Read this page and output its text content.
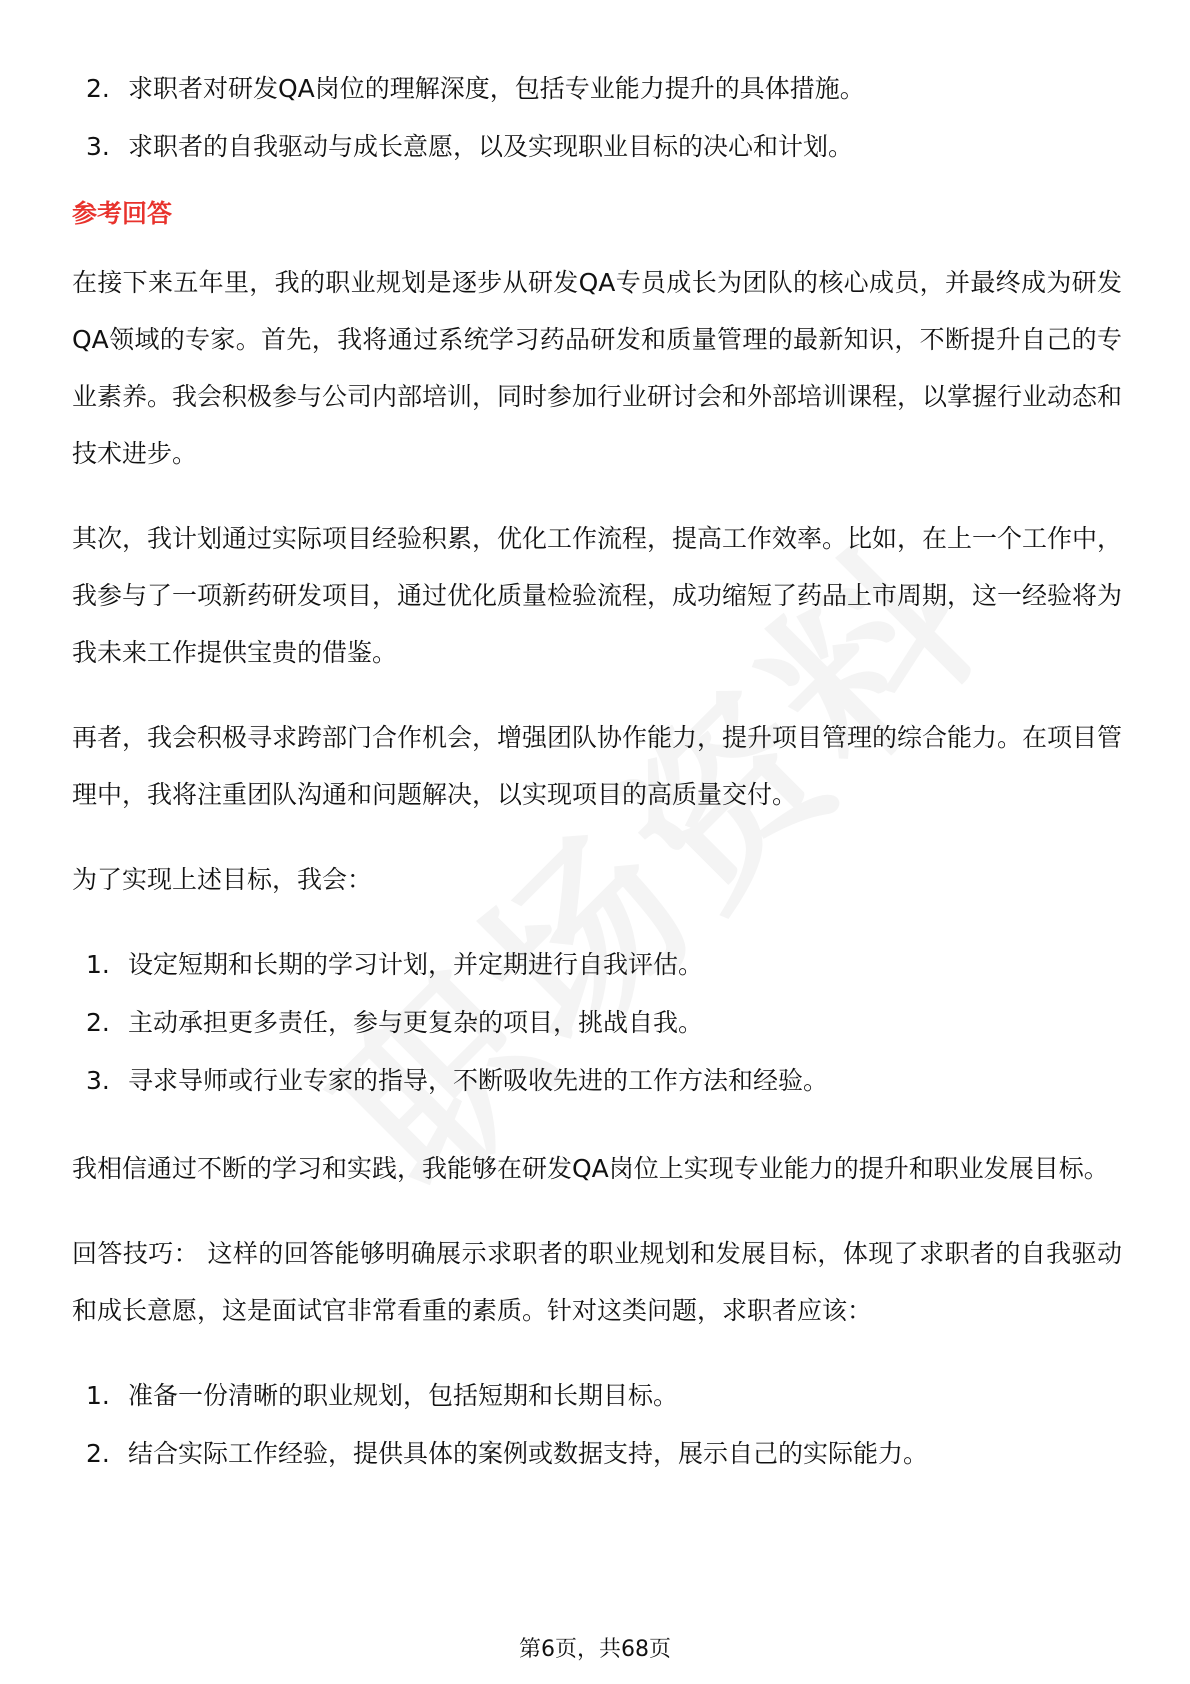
2. 求职者对研发QA岗位的理解深度，包括专业能力提升的具体措施。
3. 求职者的自我驱动与成长意愿，以及实现职业目标的决心和计划。
参考回答

在接下来五年里，我的职业规划是逐步从研发QA专员成长为团队的核心成员，并最终成为研发QA领域的专家。首先，我将通过系统学习药品研发和质量管理的最新知识，不断提升自己的专业素养。我会积极参与公司内部培训，同时参加行业研讨会和外部培训课程，以掌握行业动态和技术进步。

其次，我计划通过实际项目经验积累，优化工作流程，提高工作效率。比如，在上一个工作中，我参与了一项新药研发项目，通过优化质量检验流程，成功缩短了药品上市周期，这一经验将为我未来工作提供宝贵的借鉴。

再者，我会积极寻求跨部门合作机会，增强团队协作能力，提升项目管理的综合能力。在项目管理中，我将注重团队沟通和问题解决，以实现项目的高质量交付。

为了实现上述目标，我会：

1. 设定短期和长期的学习计划，并定期进行自我评估。
2. 主动承担更多责任，参与更复杂的项目，挑战自我。
3. 寻求导师或行业专家的指导，不断吸收先进的工作方法和经验。

我相信通过不断的学习和实践，我能够在研发QA岗位上实现专业能力的提升和职业发展目标。

回答技巧： 这样的回答能够明确展示求职者的职业规划和发展目标，体现了求职者的自我驱动和成长意愿，这是面试官非常看重的素质。针对这类问题，求职者应该：

1. 准备一份清晰的职业规划，包括短期和长期目标。
2. 结合实际工作经验，提供具体的案例或数据支持，展示自己的实际能力。
第6页，共68页
